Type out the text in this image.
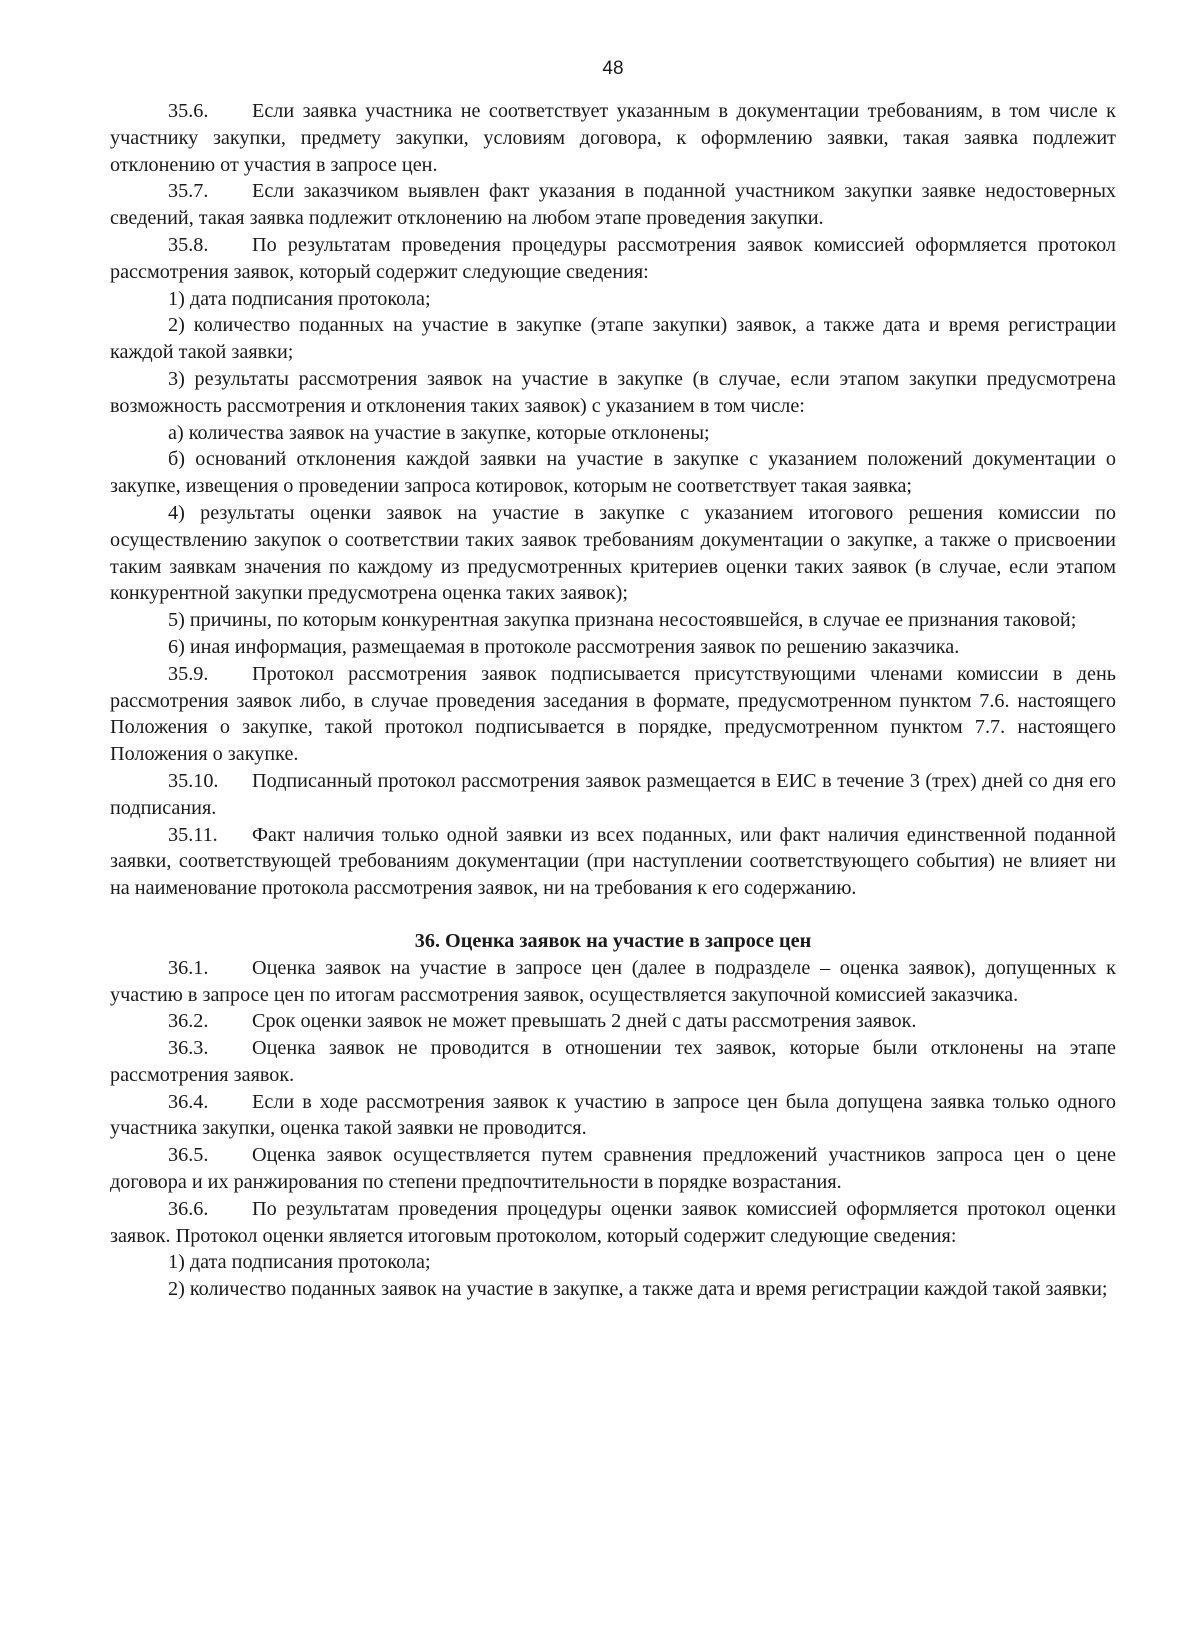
48

35.6. Если заявка участника не соответствует указанным в документации требованиям, в том числе к участнику закупки, предмету закупки, условиям договора, к оформлению заявки, такая заявка подлежит отклонению от участия в запросе цен.

35.7. Если заказчиком выявлен факт указания в поданной участником закупки заявке недостоверных сведений, такая заявка подлежит отклонению на любом этапе проведения закупки.

35.8. По результатам проведения процедуры рассмотрения заявок комиссией оформляется протокол рассмотрения заявок, который содержит следующие сведения:

1) дата подписания протокола;

2) количество поданных на участие в закупке (этапе закупки) заявок, а также дата и время регистрации каждой такой заявки;

3) результаты рассмотрения заявок на участие в закупке (в случае, если этапом закупки предусмотрена возможность рассмотрения и отклонения таких заявок) с указанием в том числе:

а) количества заявок на участие в закупке, которые отклонены;

б) оснований отклонения каждой заявки на участие в закупке с указанием положений документации о закупке, извещения о проведении запроса котировок, которым не соответствует такая заявка;

4) результаты оценки заявок на участие в закупке с указанием итогового решения комиссии по осуществлению закупок о соответствии таких заявок требованиям документации о закупке, а также о присвоении таким заявкам значения по каждому из предусмотренных критериев оценки таких заявок (в случае, если этапом конкурентной закупки предусмотрена оценка таких заявок);

5) причины, по которым конкурентная закупка признана несостоявшейся, в случае ее признания таковой;

6) иная информация, размещаемая в протоколе рассмотрения заявок по решению заказчика.

35.9. Протокол рассмотрения заявок подписывается присутствующими членами комиссии в день рассмотрения заявок либо, в случае проведения заседания в формате, предусмотренном пунктом 7.6. настоящего Положения о закупке, такой протокол подписывается в порядке, предусмотренном пунктом 7.7. настоящего Положения о закупке.

35.10. Подписанный протокол рассмотрения заявок размещается в ЕИС в течение 3 (трех) дней со дня его подписания.

35.11. Факт наличия только одной заявки из всех поданных, или факт наличия единственной поданной заявки, соответствующей требованиям документации (при наступлении соответствующего события) не влияет ни на наименование протокола рассмотрения заявок, ни на требования к его содержанию.

36. Оценка заявок на участие в запросе цен

36.1. Оценка заявок на участие в запросе цен (далее в подразделе – оценка заявок), допущенных к участию в запросе цен по итогам рассмотрения заявок, осуществляется закупочной комиссией заказчика.

36.2. Срок оценки заявок не может превышать 2 дней с даты рассмотрения заявок.

36.3. Оценка заявок не проводится в отношении тех заявок, которые были отклонены на этапе рассмотрения заявок.

36.4. Если в ходе рассмотрения заявок к участию в запросе цен была допущена заявка только одного участника закупки, оценка такой заявки не проводится.

36.5. Оценка заявок осуществляется путем сравнения предложений участников запроса цен о цене договора и их ранжирования по степени предпочтительности в порядке возрастания.

36.6. По результатам проведения процедуры оценки заявок комиссией оформляется протокол оценки заявок. Протокол оценки является итоговым протоколом, который содержит следующие сведения:

1) дата подписания протокола;

2) количество поданных заявок на участие в закупке, а также дата и время регистрации каждой такой заявки;
